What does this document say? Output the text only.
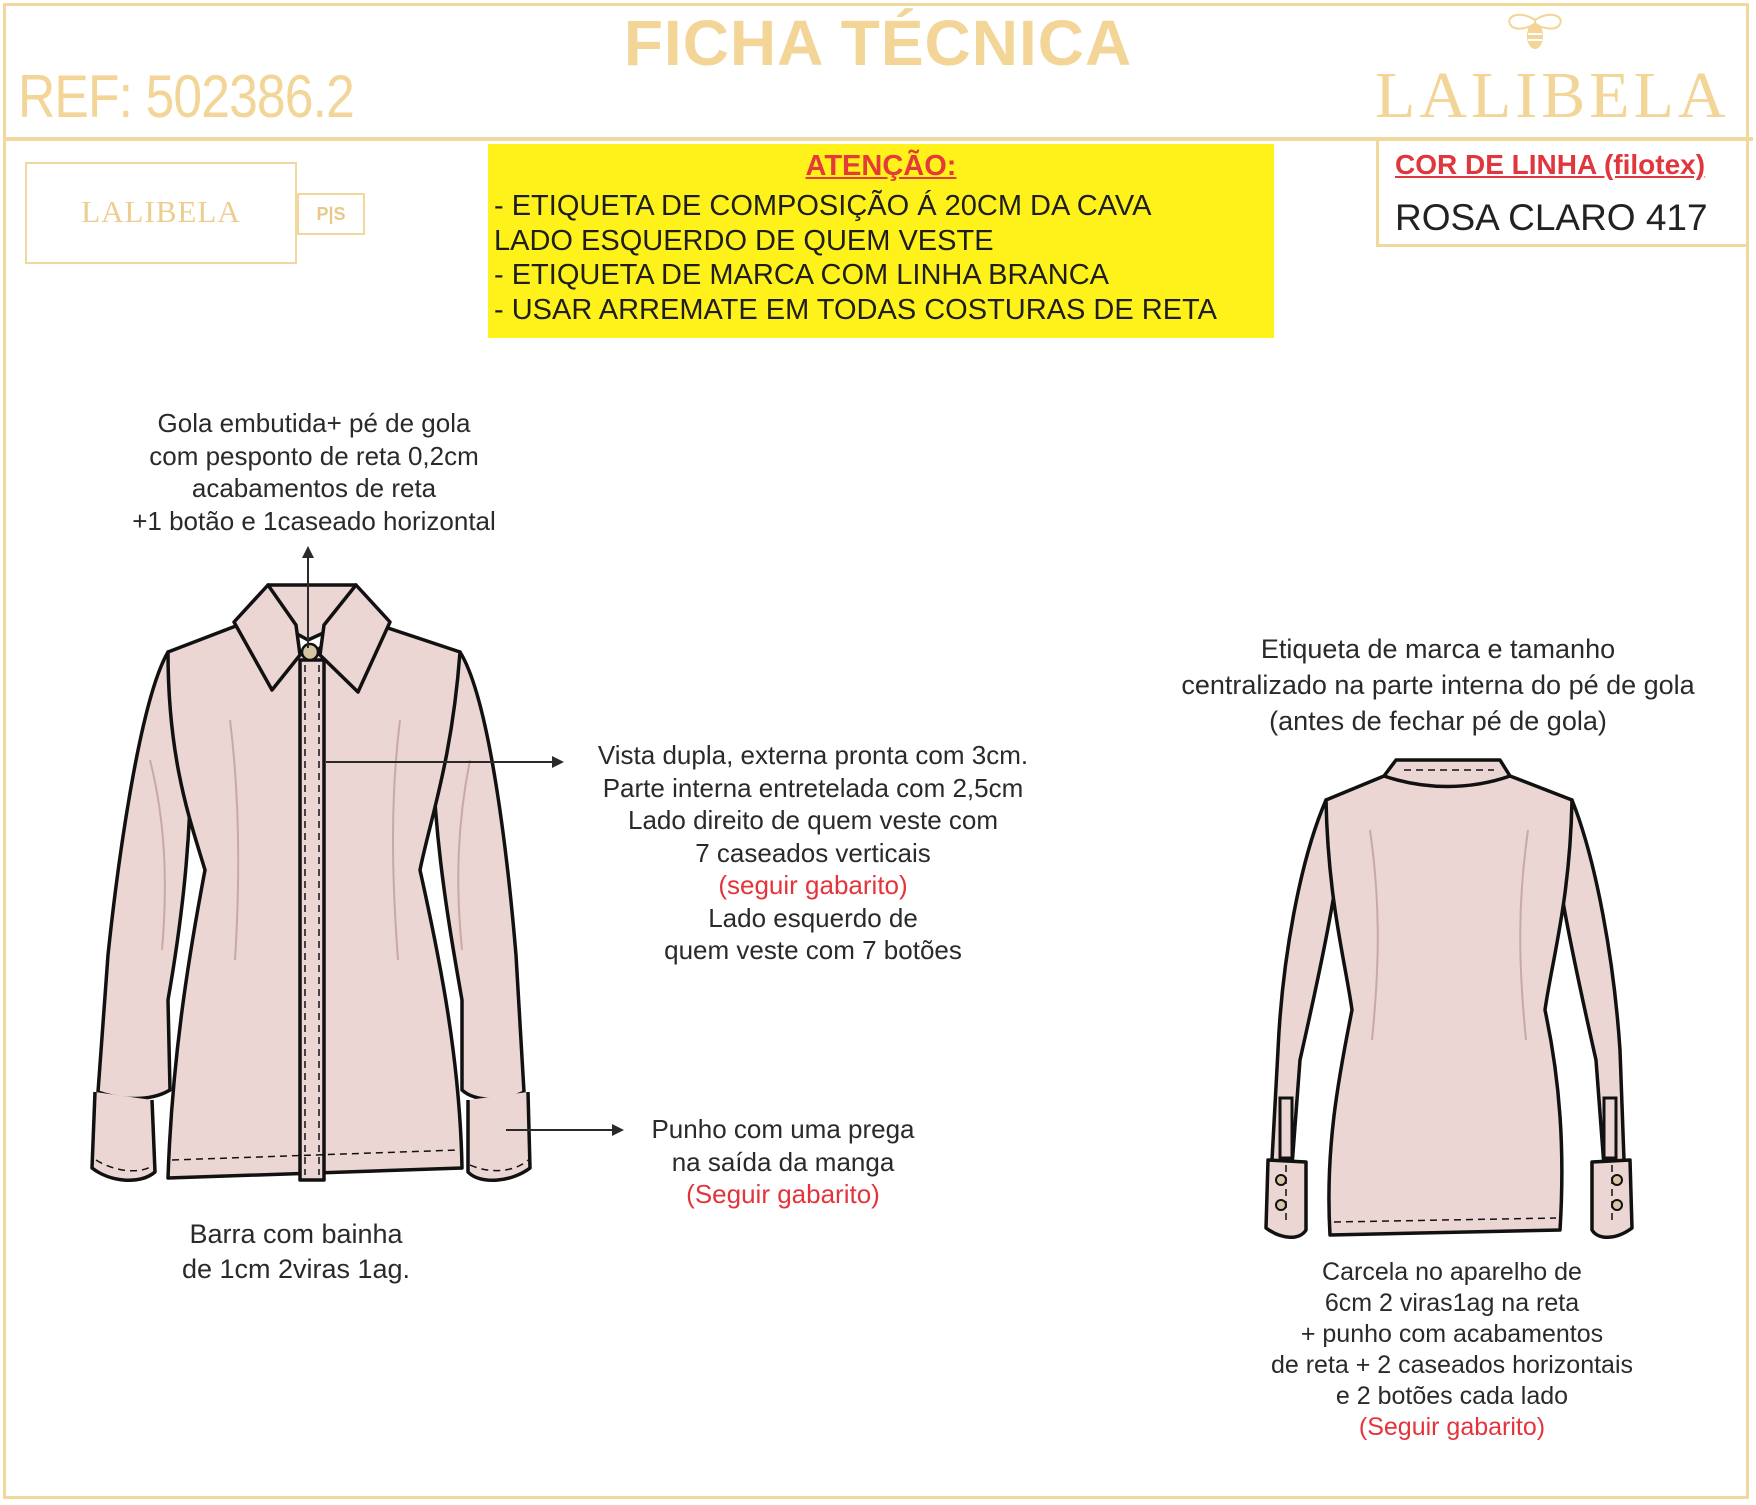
FICHA TÉCNICA
REF: 502386.2	LALIBELA
LALIBELA	P|S
ATENÇÃO:
- ETIQUETA DE COMPOSIÇÃO Á 20CM DA CAVA
LADO ESQUERDO DE QUEM VESTE
- ETIQUETA DE MARCA COM LINHA BRANCA
- USAR ARREMATE EM TODAS COSTURAS DE RETA
COR DE LINHA (filotex)
ROSA CLARO 417
Gola embutida+ pé de gola
com pesponto de reta 0,2cm
acabamentos de reta
+1 botão e 1caseado horizontal
Vista dupla, externa pronta com 3cm.
Parte interna entretelada com 2,5cm
Lado direito de quem veste com
7 caseados verticais
(seguir gabarito)
Lado esquerdo de
quem veste com 7 botões
Punho com uma prega
na saída da manga
(Seguir gabarito)
Barra com bainha
de 1cm 2viras 1ag.
Etiqueta de marca e tamanho
centralizado na parte interna do pé de gola
(antes de fechar pé de gola)
Carcela no aparelho de
6cm 2 viras1ag na reta
+ punho com acabamentos
de reta + 2 caseados horizontais
e 2 botões cada lado
(Seguir gabarito)
